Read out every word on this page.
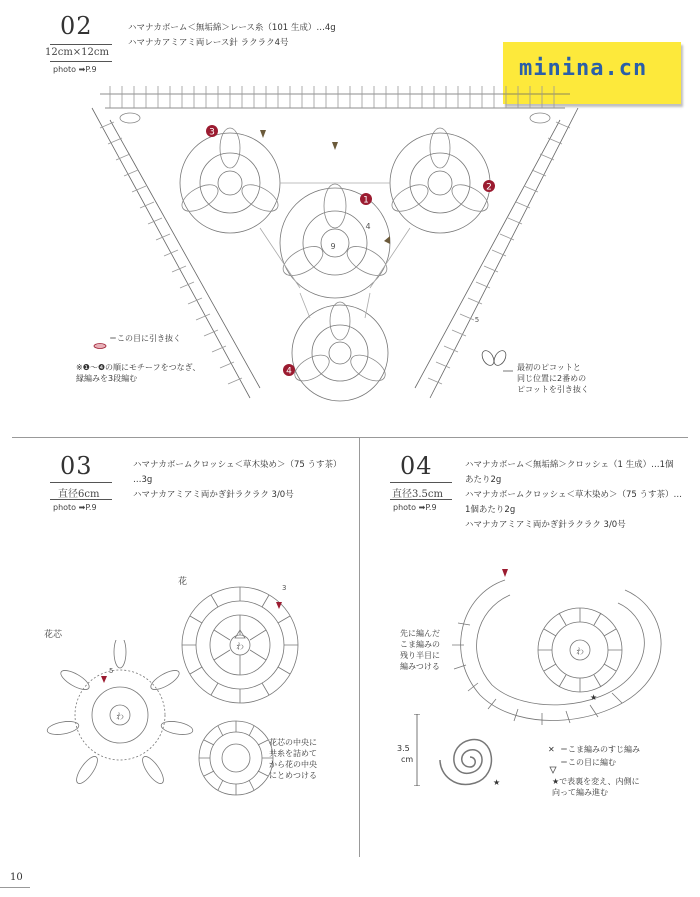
minina.cn
02
12cm×12cm
photo ➡P.9
ハマナカボーム＜無垢綿＞レース糸（101 生成）…4g
ハマナカアミアミ両レース針 ラクラク4号
1
2
3
4
4
9
5
＝この目に引き抜く
※❶〜❹の順にモチーフをつなぎ、
縁編みを3段編む
最初のピコットと
同じ位置に2番めの
ピコットを引き抜く
03
直径6cm
photo ➡P.9
ハマナカボームクロッシェ＜草木染め＞（75 うす茶）
…3g
ハマナカアミアミ両かぎ針ラクラク 3/0号
花
花芯
3
わ
わ
5
花芯の中央に
共糸を詰めて
から花の中央
にとめつける
04
直径3.5cm
photo ➡P.9
ハマナカボーム＜無垢綿＞クロッシェ（1 生成）…1個
あたり2g
ハマナカボームクロッシェ＜草木染め＞（75 うす茶）…
1個あたり2g
ハマナカアミアミ両かぎ針ラクラク 3/0号
わ
★
先に編んだ
こま編みの
残り半目に
編みつける
★
3.5
cm
✕ ＝こま編みのすじ編み
＝この目に編む
★で表裏を変え、内側に
向って編み進む
10
